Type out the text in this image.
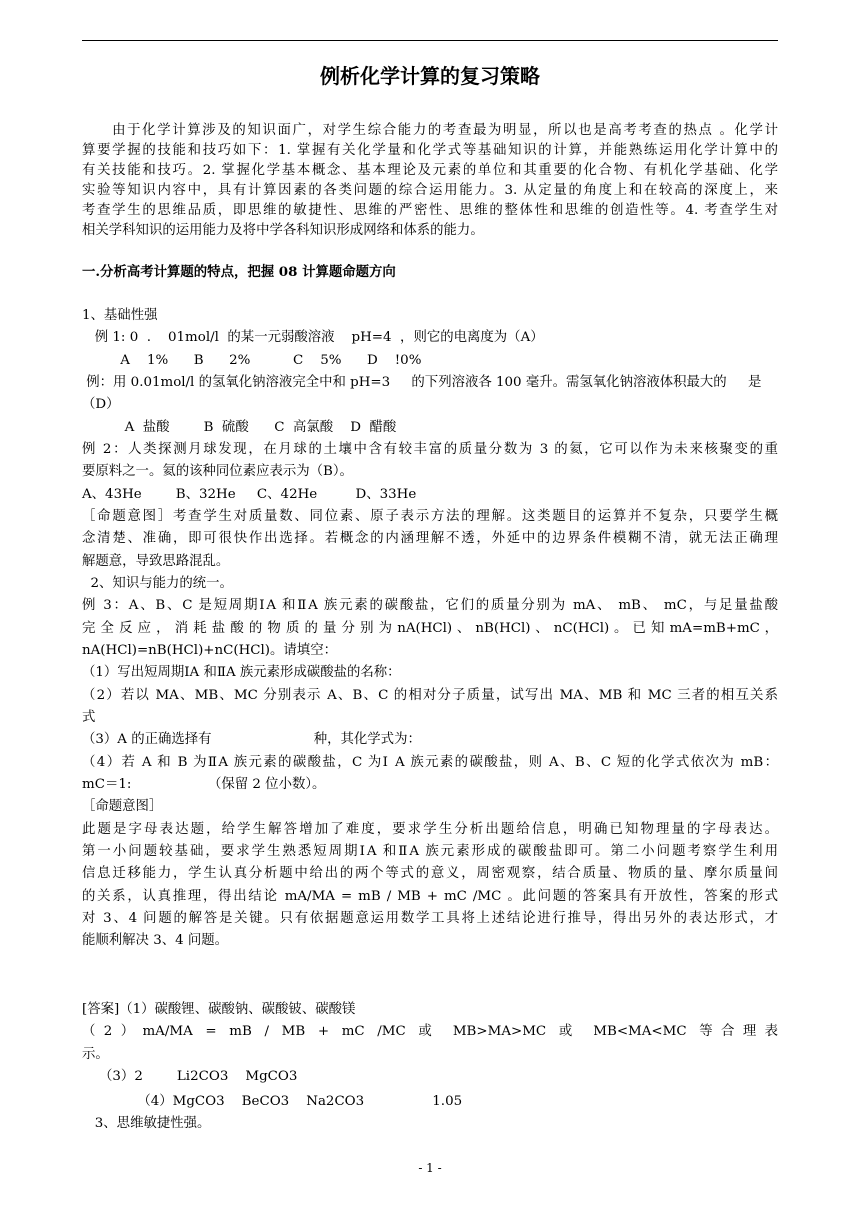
例析化学计算的复习策略
　　由于化学计算涉及的知识面广，对学生综合能力的考查最为明显，所以也是高考考查的热点 。化学计
算要学握的技能和技巧如下：1. 掌握有关化学量和化学式等基础知识的计算，并能熟练运用化学计算中的
有关技能和技巧。2. 掌握化学基本概念、基本理论及元素的单位和其重要的化合物、有机化学基础、化学
实验等知识内容中，具有计算因素的各类问题的综合运用能力。3. 从定量的角度上和在较高的深度上，来
考查学生的思维品质，即思维的敏捷性、思维的严密性、思维的整体性和思维的创造性等。4. 考查学生对
相关学科知识的运用能力及将中学各科知识形成网络和体系的能力。
一.分析高考计算题的特点，把握 08 计算题命题方向
1、基础性强
例 1: 0  .    01mol/l  的某一元弱酸溶液    pH=4  ，则它的电离度为（A）
A    1%      B      2%          C    5%      D    !0%
例：用 0.01mol/l 的氢氧化钠溶液完全中和 pH=3     的下列溶液各 100 毫升。需氢氧化钠溶液体积最大的     是
（D）
A  盐酸        B  硫酸      C  高氯酸    D  醋酸
例 2：人类探测月球发现，在月球的土壤中含有较丰富的质量分数为 3 的氦，它可以作为未来核聚变的重
要原料之一。氦的该种同位素应表示为（B）。
A、43He        B、32He     C、42He         D、33He
［命题意图］考查学生对质量数、同位素、原子表示方法的理解。这类题目的运算并不复杂，只要学生概
念清楚、准确，即可很快作出选择。若概念的内涵理解不透，外延中的边界条件模糊不清，就无法正确理
解题意，导致思路混乱。
2、知识与能力的统一。
例 3：A、B、C 是短周期ⅠA 和ⅡA 族元素的碳酸盐，它们的质量分别为 mA、 mB、 mC，与足量盐酸
完 全 反 应 ， 消 耗 盐 酸 的 物 质 的 量 分 别 为 nA(HCl) 、 nB(HCl) 、 nC(HCl) 。 已 知 mA=mB+mC ，
nA(HCl)=nB(HCl)+nC(HCl)。请填空：
（1）写出短周期ⅠA 和ⅡA 族元素形成碳酸盐的名称：
（2）若以 MA、MB、MC 分别表示 A、B、C 的相对分子质量，试写出 MA、MB 和 MC 三者的相互关系
式
（3）A 的正确选择有                        种，其化学式为：
（4）若 A 和 B 为ⅡA 族元素的碳酸盐，C 为Ⅰ A 族元素的碳酸盐，则 A、B、C 短的化学式依次为 mB：
mC＝1:                  （保留 2 位小数）。
［命题意图］
此题是字母表达题，给学生解答增加了难度，要求学生分析出题给信息，明确已知物理量的字母表达。
第一小问题较基础，要求学生熟悉短周期ⅠA 和ⅡA 族元素形成的碳酸盐即可。第二小问题考察学生利用
信息迁移能力，学生认真分析题中给出的两个等式的意义，周密观察，结合质量、物质的量、摩尔质量间
的关系，认真推理，得出结论 mA/MA = mB / MB + mC /MC 。此问题的答案具有开放性，答案的形式
对 3、4 问题的解答是关键。只有依据题意运用数学工具将上述结论进行推导，得出另外的表达形式，才
能顺利解决 3、4 问题。
[答案]（1）碳酸锂、碳酸钠、碳酸铍、碳酸镁
（2）mA/MA = mB / MB + mC /MC 或 MB>MA>MC 或 MB<MA<MC 等合理表
示。
（3）2        Li2CO3    MgCO3
（4）MgCO3    BeCO3    Na2CO3                1.05
3、思维敏捷性强。
- 1 -
